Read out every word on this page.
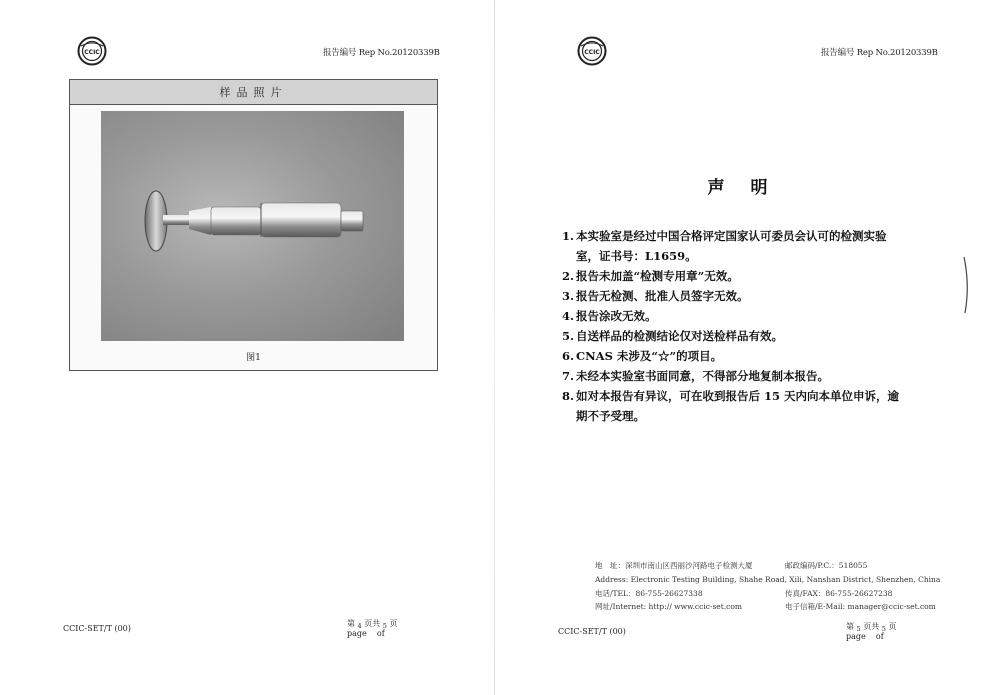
CCIC	报告编号 Rep No.20120339B
样品照片
图1
CCIC-SET/T (00)
第 $_4$ 页共 $_5$ 页
page of
CCIC	报告编号 Rep No.20120339B
声 明
1. 本实验室是经过中国合格评定国家认可委员会认可的检测实验
室，证书号：L1659。
2. 报告未加盖“检测专用章”无效。
3. 报告无检测、批准人员签字无效。
4. 报告涂改无效。
5. 自送样品的检测结论仅对送检样品有效。
6. CNAS 未涉及“☆”的项目。
7. 未经本实验室书面同意，不得部分地复制本报告。
8. 如对本报告有异议，可在收到报告后 15 天内向本单位申诉，逾
期不予受理。
地　址：深圳市南山区西丽沙河路电子检测大厦	邮政编码/P.C.：518055
Address: Electronic Testing Building, Shahe Road, Xili, Nanshan District, Shenzhen, China
电话/TEL：86-755-26627338	传真/FAX：86-755-26627238
网址/Internet: http:// www.ccic-set.com	电子信箱/E-Mail: manager@ccic-set.com
CCIC-SET/T (00)
第 $_5$ 页共 $_5$ 页
page of
